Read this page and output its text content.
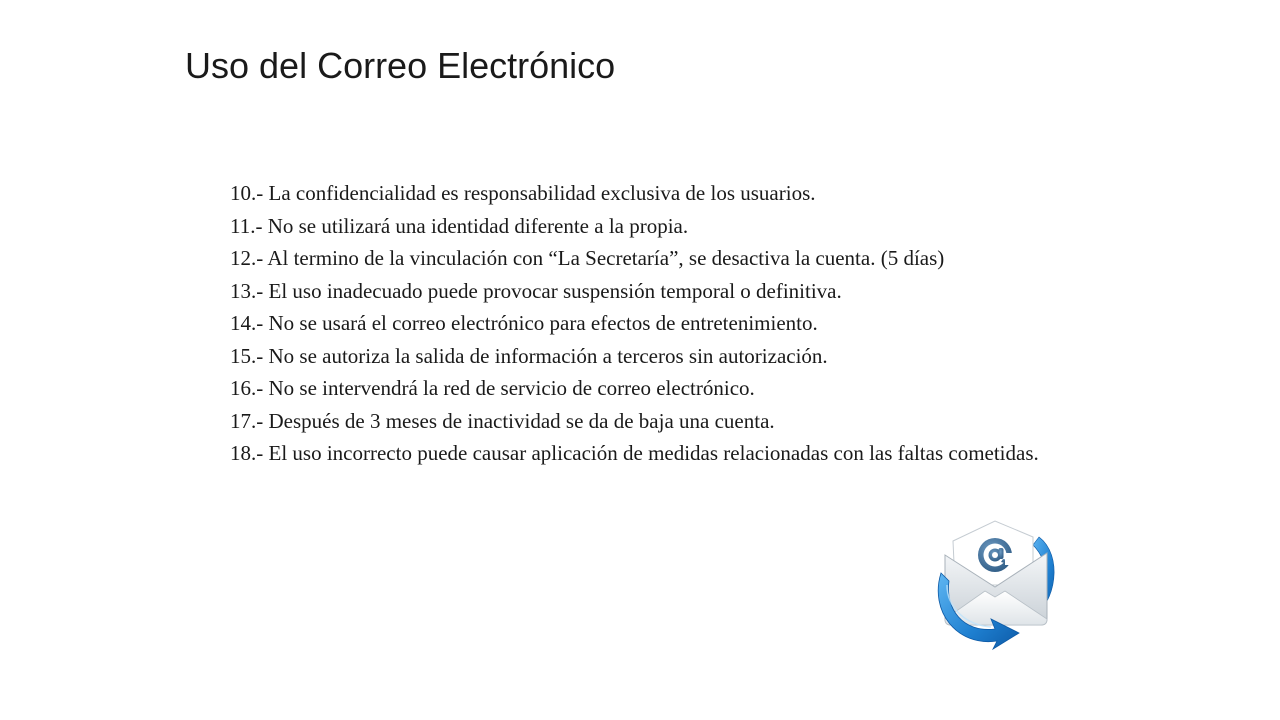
Uso del Correo Electrónico
10.- La confidencialidad es responsabilidad exclusiva de los usuarios.
11.- No se utilizará una identidad diferente a la propia.
12.- Al termino de la vinculación con “La Secretaría”, se desactiva la cuenta. (5 días)
13.- El uso inadecuado puede provocar suspensión temporal o definitiva.
14.- No se usará el correo electrónico para efectos de entretenimiento.
15.- No se autoriza la salida de información a terceros sin autorización.
16.- No se intervendrá la red de servicio de correo electrónico.
17.- Después de 3 meses de inactividad se da de baja una cuenta.
18.- El uso incorrecto puede causar aplicación de medidas relacionadas con las faltas cometidas.
